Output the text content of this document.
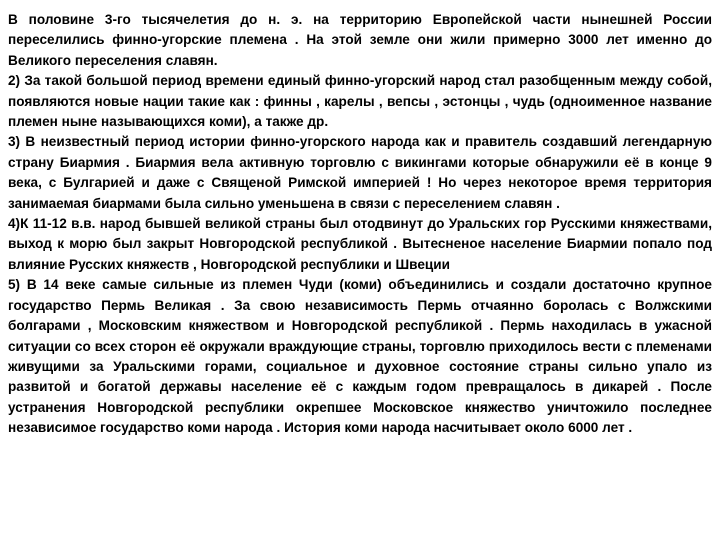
В половине 3-го тысячелетия до н. э. на территорию Европейской части нынешней России переселились финно-угорские племена . На этой земле они жили примерно 3000 лет именно до Великого переселения славян.

2) За такой большой период времени единый финно-угорский народ стал разобщенным между собой, появляются новые нации такие как : финны , карелы , вепсы , эстонцы , чудь (одноименное название племен ныне называющихся коми), а также др.

3) В неизвестный период истории финно-угорского народа как и правитель создавший легендарную страну Биармия . Биармия вела активную торговлю с викингами которые обнаружили её в конце 9 века, с Булгарией и даже с Священой Римской империей ! Но через некоторое время территория занимаемая биармами была сильно уменьшена в связи с переселением славян .

4)К 11-12 в.в. народ бывшей великой страны был отодвинут до Уральских гор Русскими княжествами, выход к морю был закрыт Новгородской республикой . Вытесненое население Биармии попало под влияние Русских княжеств , Новгородской республики и Швеции

5) В 14 веке самые сильные из племен Чуди (коми) объединились и создали достаточно крупное государство Пермь Великая . За свою независимость Пермь отчаянно боролась с Волжскими болгарами , Московским княжеством и Новгородской республикой . Пермь находилась в ужасной ситуации со всех сторон её окружали враждующие страны, торговлю приходилось вести с племенами живущими за Уральскими горами, социальное и духовное состояние страны сильно упало из развитой и богатой державы население её с каждым годом превращалось в дикарей . После устранения Новгородской республики окрепшее Московское княжество уничтожило последнее независимое государство коми народа . История коми народа насчитывает около 6000 лет .
